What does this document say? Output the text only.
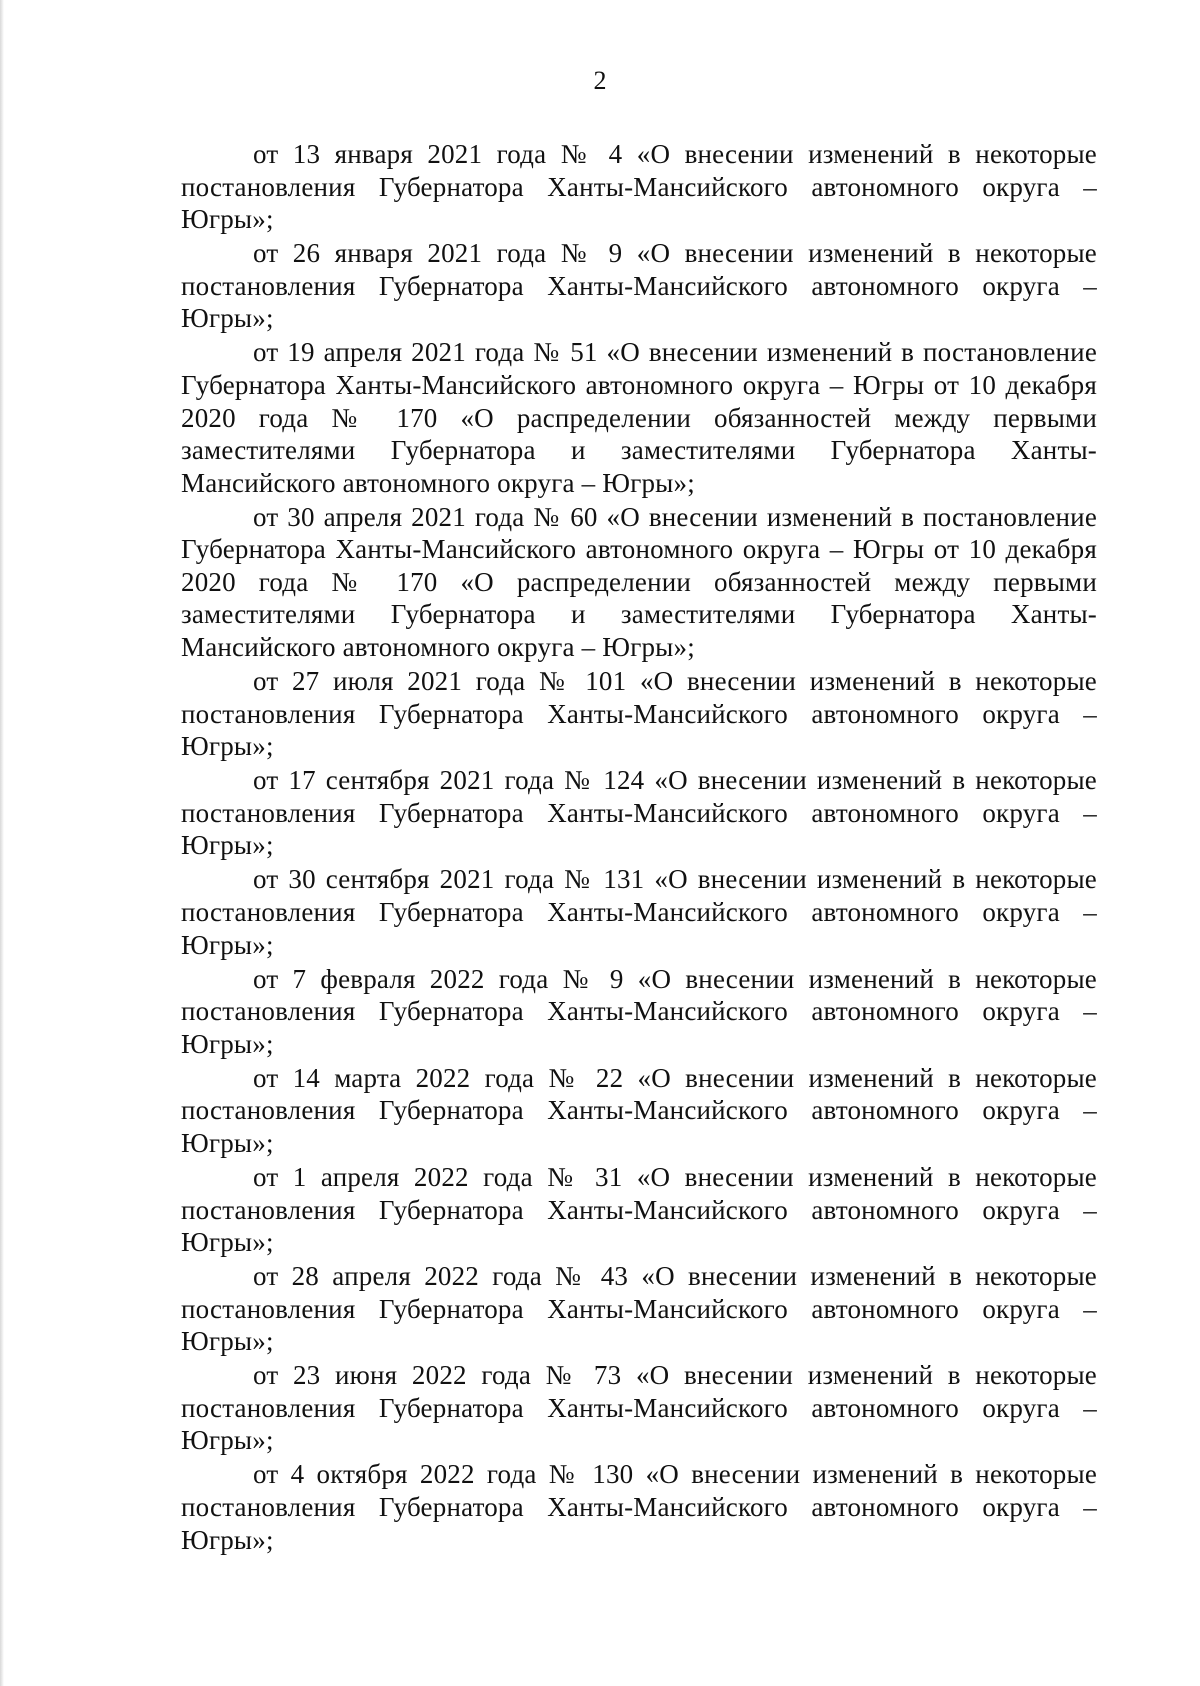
2

от 13 января 2021 года № 4 «О внесении изменений в некоторые постановления Губернатора Ханты-Мансийского автономного округа – Югры»;

от 26 января 2021 года № 9 «О внесении изменений в некоторые постановления Губернатора Ханты-Мансийского автономного округа – Югры»;

от 19 апреля 2021 года № 51 «О внесении изменений в постановление Губернатора Ханты-Мансийского автономного округа – Югры от 10 декабря 2020 года № 170 «О распределении обязанностей между первыми заместителями Губернатора и заместителями Губернатора Ханты-Мансийского автономного округа – Югры»;

от 30 апреля 2021 года № 60 «О внесении изменений в постановление Губернатора Ханты-Мансийского автономного округа – Югры от 10 декабря 2020 года № 170 «О распределении обязанностей между первыми заместителями Губернатора и заместителями Губернатора Ханты-Мансийского автономного округа – Югры»;

от 27 июля 2021 года № 101 «О внесении изменений в некоторые постановления Губернатора Ханты-Мансийского автономного округа – Югры»;

от 17 сентября 2021 года № 124 «О внесении изменений в некоторые постановления Губернатора Ханты-Мансийского автономного округа – Югры»;

от 30 сентября 2021 года № 131 «О внесении изменений в некоторые постановления Губернатора Ханты-Мансийского автономного округа – Югры»;

от 7 февраля 2022 года № 9 «О внесении изменений в некоторые постановления Губернатора Ханты-Мансийского автономного округа – Югры»;

от 14 марта 2022 года № 22 «О внесении изменений в некоторые постановления Губернатора Ханты-Мансийского автономного округа – Югры»;

от 1 апреля 2022 года № 31 «О внесении изменений в некоторые постановления Губернатора Ханты-Мансийского автономного округа – Югры»;

от 28 апреля 2022 года № 43 «О внесении изменений в некоторые постановления Губернатора Ханты-Мансийского автономного округа – Югры»;

от 23 июня 2022 года № 73 «О внесении изменений в некоторые постановления Губернатора Ханты-Мансийского автономного округа – Югры»;

от 4 октября 2022 года № 130 «О внесении изменений в некоторые постановления Губернатора Ханты-Мансийского автономного округа – Югры»;
